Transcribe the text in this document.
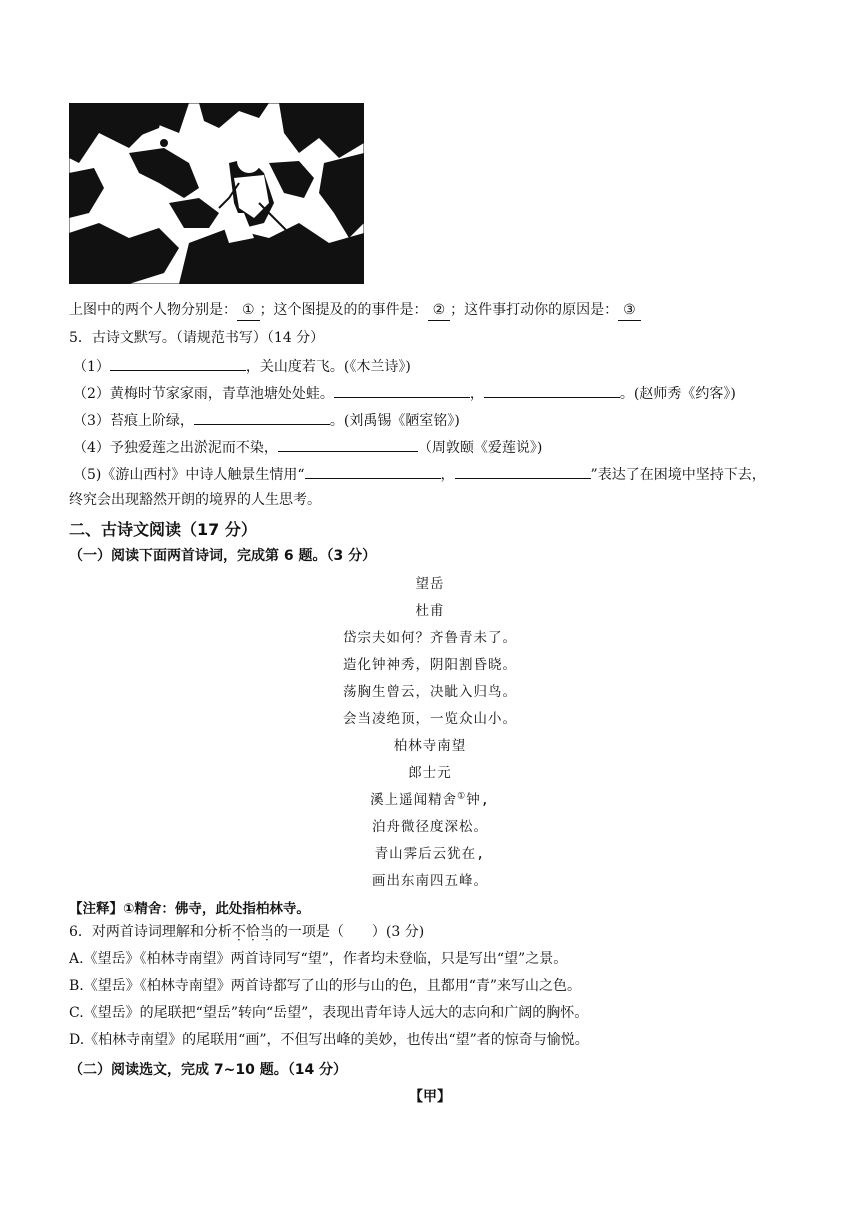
上图中的两个人物分别是： ① ；这个图提及的的事件是： ② ；这件事打动你的原因是： ③
5．古诗文默写。（请规范书写）（14 分）
（1）	，关山度若飞。(《木兰诗》)
（2）黄梅时节家家雨，青草池塘处处蛙。	，	。(赵师秀《约客》)
（3）苔痕上阶绿，	。(刘禹锡《陋室铭》)
（4）予独爱莲之出淤泥而不染，	（周敦颐《爱莲说》)
（5)《游山西村》中诗人触景生情用“	，	”表达了在困境中坚持下去，
终究会出现豁然开朗的境界的人生思考。
二、古诗文阅读（17 分）
（一）阅读下面两首诗词，完成第 6 题。（3 分）
望岳
杜甫
岱宗夫如何？齐鲁青未了。
造化钟神秀，阴阳割昏晓。
荡胸生曾云，决眦入归鸟。
会当凌绝顶，一览众山小。
柏林寺南望
郎士元
溪上遥闻精舍①钟,
泊舟微径度深松。
青山霁后云犹在,
画出东南四五峰。
【注释】①精舍：佛寺，此处指柏林寺。
6．对两首诗词理解和分析不恰当的一项是（　　）(3 分)
A.《望岳》《柏林寺南望》两首诗同写“望”，作者均未登临，只是写出“望”之景。
B.《望岳》《柏林寺南望》两首诗都写了山的形与山的色，且都用“青”来写山之色。
C.《望岳》的尾联把“望岳”转向“岳望”，表现出青年诗人远大的志向和广阔的胸怀。
D.《柏林寺南望》的尾联用“画”，不但写出峰的美妙，也传出“望”者的惊奇与愉悦。
（二）阅读选文，完成 7~10 题。（14 分）
【甲】
